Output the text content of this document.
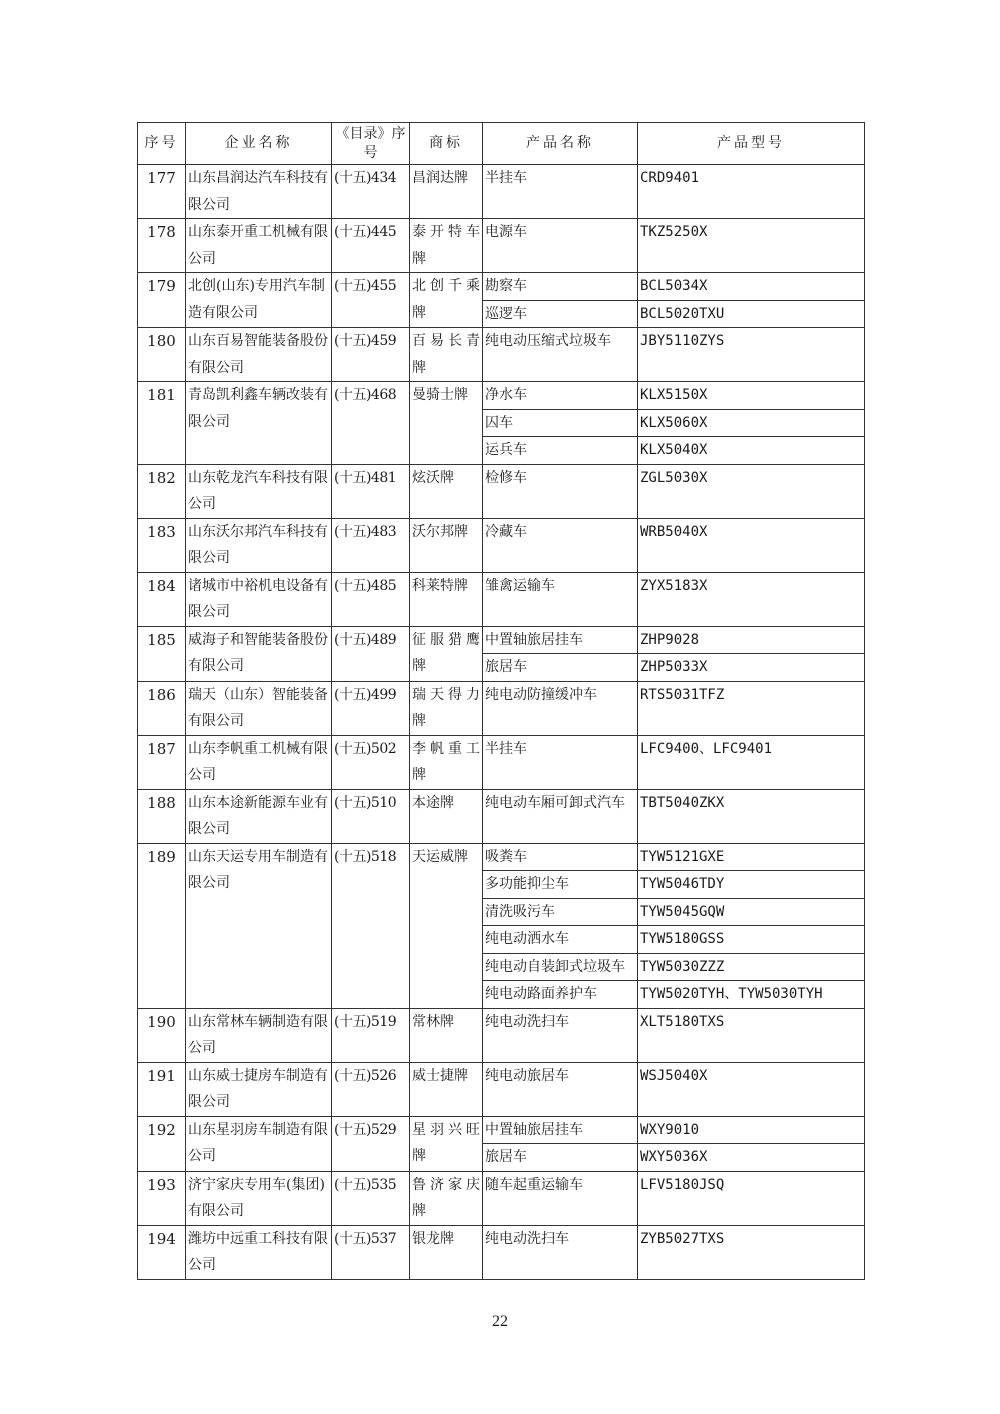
序号	企业名称	《目录》序号	商标	产品名称	产品型号
177	山东昌润达汽车科技有限公司	(十五)434	昌润达牌	半挂车	CRD9401
178	山东泰开重工机械有限公司	(十五)445	泰开特车牌	电源车	TKZ5250X
179	北创(山东)专用汽车制造有限公司	(十五)455	北创千乘牌	勘察车	BCL5034X
				巡逻车	BCL5020TXU
180	山东百易智能装备股份有限公司	(十五)459	百易长青牌	纯电动压缩式垃圾车	JBY5110ZYS
181	青岛凯利鑫车辆改装有限公司	(十五)468	曼骑士牌	净水车	KLX5150X
				囚车	KLX5060X
				运兵车	KLX5040X
182	山东乾龙汽车科技有限公司	(十五)481	炫沃牌	检修车	ZGL5030X
183	山东沃尔邦汽车科技有限公司	(十五)483	沃尔邦牌	冷藏车	WRB5040X
184	诸城市中裕机电设备有限公司	(十五)485	科莱特牌	雏禽运输车	ZYX5183X
185	威海子和智能装备股份有限公司	(十五)489	征服猎鹰牌	中置轴旅居挂车	ZHP9028
				旅居车	ZHP5033X
186	瑞天（山东）智能装备有限公司	(十五)499	瑞天得力牌	纯电动防撞缓冲车	RTS5031TFZ
187	山东李帆重工机械有限公司	(十五)502	李帆重工牌	半挂车	LFC9400、LFC9401
188	山东本途新能源车业有限公司	(十五)510	本途牌	纯电动车厢可卸式汽车	TBT5040ZKX
189	山东天运专用车制造有限公司	(十五)518	天运威牌	吸粪车	TYW5121GXE
				多功能抑尘车	TYW5046TDY
				清洗吸污车	TYW5045GQW
				纯电动洒水车	TYW5180GSS
				纯电动自装卸式垃圾车	TYW5030ZZZ
				纯电动路面养护车	TYW5020TYH、TYW5030TYH
190	山东常林车辆制造有限公司	(十五)519	常林牌	纯电动洗扫车	XLT5180TXS
191	山东威士捷房车制造有限公司	(十五)526	威士捷牌	纯电动旅居车	WSJ5040X
192	山东星羽房车制造有限公司	(十五)529	星羽兴旺牌	中置轴旅居挂车	WXY9010
				旅居车	WXY5036X
193	济宁家庆专用车(集团)有限公司	(十五)535	鲁济家庆牌	随车起重运输车	LFV5180JSQ
194	潍坊中远重工科技有限公司	(十五)537	银龙牌	纯电动洗扫车	ZYB5027TXS
22
